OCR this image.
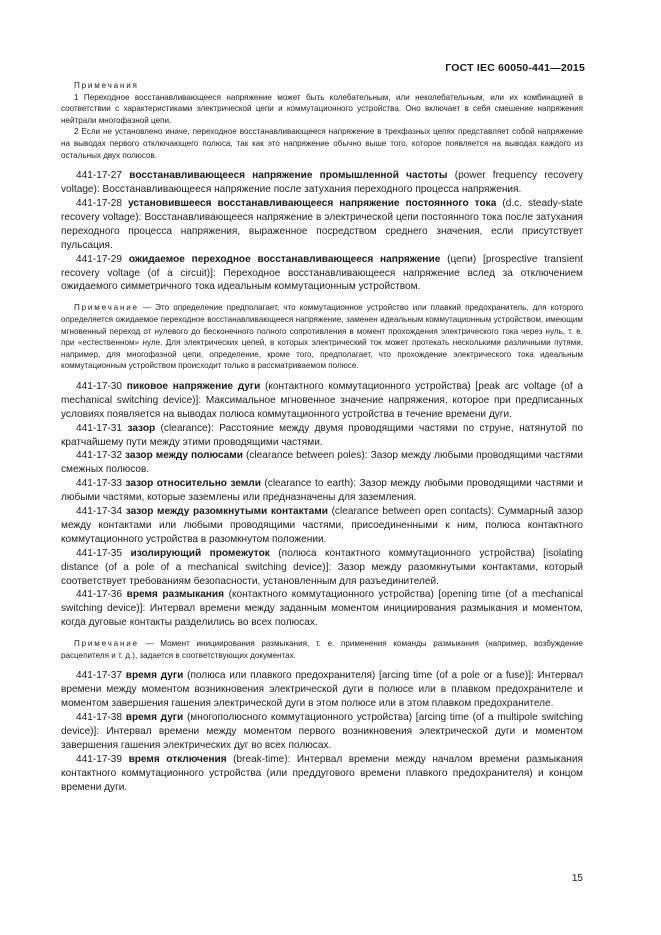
ГОСТ IEC 60050-441—2015

Примечания

1 Переходное восстанавливающееся напряжение может быть колебательным, или неколебательным, или их комбинацией в соответствии с характеристиками электрической цепи и коммутационного устройства. Оно включает в себя смешение напряжения нейтрали многофазной цепи.

2 Если не установлено иначе, переходное восстанавливающееся напряжение в трехфазных цепях представляет собой напряжение на выводах первого отключающего полюса, так как это напряжение обычно выше того, которое появляется на выводах каждого из остальных двух полюсов.

441-17-27 восстанавливающееся напряжение промышленной частоты (power frequency recovery voltage): Восстанавливающееся напряжение после затухания переходного процесса напряжения.

441-17-28 установившееся восстанавливающееся напряжение постоянного тока (d.c. steady-state recovery voltage): Восстанавливающееся напряжение в электрической цепи постоянного тока после затухания переходного процесса напряжения, выраженное посредством среднего значения, если присутствует пульсация.

441-17-29 ожидаемое переходное восстанавливающееся напряжение (цепи) [prospective transient recovery voltage (of a circuit)]: Переходное восстанавливающееся напряжение вслед за отключением ожидаемого симметричного тока идеальным коммутационным устройством.

Примечание — Это определение предполагает, что коммутационное устройство или плавкий предохранитель, для которого определяется ожидаемое переходное восстанавливающееся напряжение, заменен идеальным коммутационным устройством, имеющим мгновенный переход от нулевого до бесконечного полного сопротивления в момент прохождения электрического тока через нуль, т. е. при «естественном» нуле. Для электрических цепей, в которых электрический ток может протекать несколькими различными путями, например, для многофазной цепи, определение, кроме того, предполагает, что прохождение электрического тока идеальным коммутационным устройством происходит только в рассматриваемом полюсе.

441-17-30 пиковое напряжение дуги (контактного коммутационного устройства) [peak arc voltage (of a mechanical switching device)]: Максимальное мгновенное значение напряжения, которое при предписанных условиях появляется на выводах полюса коммутационного устройства в течение времени дуги.

441-17-31 зазор (clearance): Расстояние между двумя проводящими частями по струне, натянутой по кратчайшему пути между этими проводящими частями.

441-17-32 зазор между полюсами (clearance between poles): Зазор между любыми проводящими частями смежных полюсов.

441-17-33 зазор относительно земли (clearance to earth): Зазор между любыми проводящими частями и любыми частями, которые заземлены или предназначены для заземления.

441-17-34 зазор между разомкнутыми контактами (clearance between open contacts): Суммарный зазор между контактами или любыми проводящими частями, присоединенными к ним, полюса контактного коммутационного устройства в разомкнутом положении.

441-17-35 изолирующий промежуток (полюса контактного коммутационного устройства) [isolating distance (of a pole of a mechanical switching device)]: Зазор между разомкнутыми контактами, который соответствует требованиям безопасности, установленным для разъединителей.

441-17-36 время размыкания (контактного коммутационного устройства) [opening time (of a mechanical switching device)]: Интервал времени между заданным моментом инициирования размыкания и моментом, когда дуговые контакты разделились во всех полюсах.

Примечание — Момент инициирования размыкания, т. е. применения команды размыкания (например, возбуждение расцепителя и т. д.), задается в соответствующих документах.

441-17-37 время дуги (полюса или плавкого предохранителя) [arcing time (of a pole or a fuse)]: Интервал времени между моментом возникновения электрической дуги в полюсе или в плавком предохранителе и моментом завершения гашения электрической дуги в этом полюсе или в этом плавком предохранителе.

441-17-38 время дуги (многополюсного коммутационного устройства) [arcing time (of a multipole switching device)]: Интервал времени между моментом первого возникновения электрической дуги и моментом завершения гашения электрических дуг во всех полюсах.

441-17-39 время отключения (break-time): Интервал времени между началом времени размыкания контактного коммутационного устройства (или преддугового времени плавкого предохранителя) и концом времени дуги.

15
